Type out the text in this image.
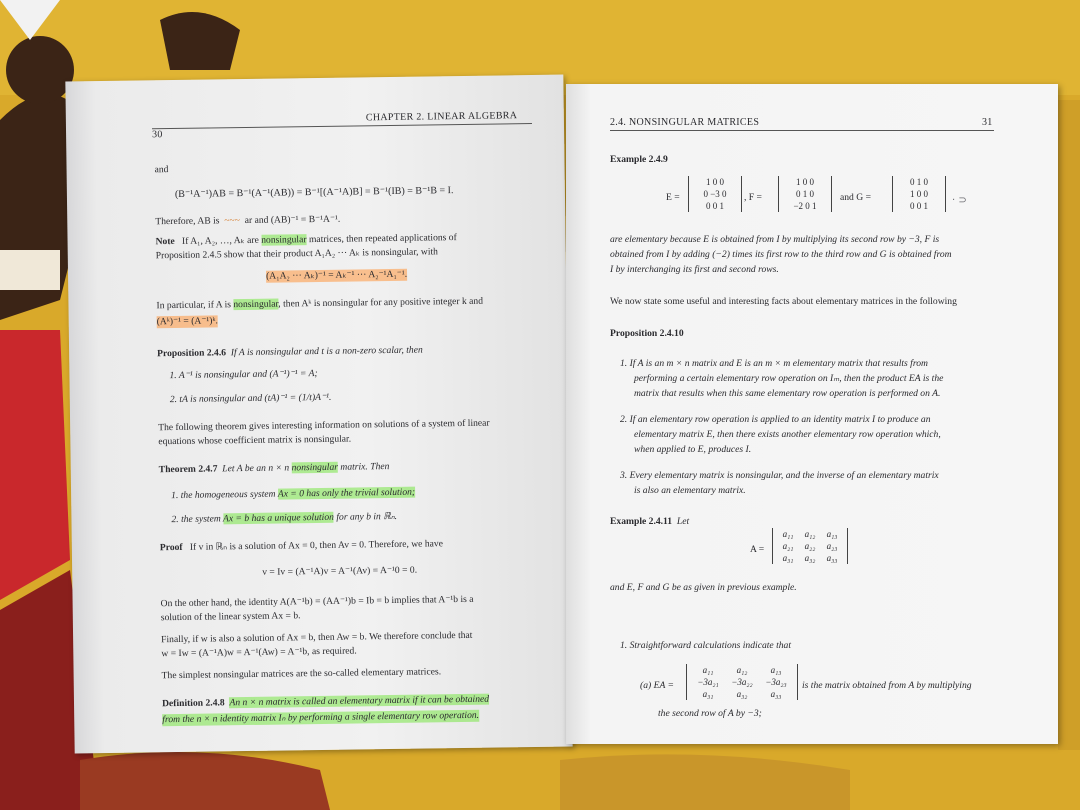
30
CHAPTER 2. LINEAR ALGEBRA
and
(B⁻¹A⁻¹)AB = B⁻¹(A⁻¹(AB)) = B⁻¹[(A⁻¹A)B] = B⁻¹(IB) = B⁻¹B = I.
Therefore, AB is  ~~~  ar and (AB)⁻¹ = B⁻¹A⁻¹.
Note If A₁, A₂, …, Aₖ are nonsingular matrices, then repeated applications of
Proposition 2.4.5 show that their product A₁A₂ ··· Aₖ is nonsingular, with
(A₁A₂ ··· Aₖ)⁻¹ = Aₖ⁻¹ ··· A₂⁻¹A₁⁻¹.
In particular, if A is nonsingular, then Aᵏ is nonsingular for any positive integer k and
(Aᵏ)⁻¹ = (A⁻¹)ᵏ.
Proposition 2.4.6 If A is nonsingular and t is a non-zero scalar, then
1. A⁻¹ is nonsingular and (A⁻¹)⁻¹ = A;
2. tA is nonsingular and (tA)⁻¹ = (1/t)A⁻¹.
The following theorem gives interesting information on solutions of a system of linear
equations whose coefficient matrix is nonsingular.
Theorem 2.4.7 Let A be an n × n nonsingular matrix. Then
1. the homogeneous system Ax = 0 has only the trivial solution;
2. the system Ax = b has a unique solution for any b in ℝₙ.
Proof If v in ℝₙ is a solution of Ax = 0, then Av = 0. Therefore, we have
v = Iv = (A⁻¹A)v = A⁻¹(Av) = A⁻¹0 = 0.
On the other hand, the identity A(A⁻¹b) = (AA⁻¹)b = Ib = b implies that A⁻¹b is a
solution of the linear system Ax = b.
Finally, if w is also a solution of Ax = b, then Aw = b. We therefore conclude that
w = Iw = (A⁻¹A)w = A⁻¹(Aw) = A⁻¹b, as required.
The simplest nonsingular matrices are the so-called elementary matrices.
Definition 2.4.8 An n × n matrix is called an elementary matrix if it can be obtained
from the n × n identity matrix Iₙ by performing a single elementary row operation.
2.4. NONSINGULAR MATRICES	31
Example 2.4.9
E =
1 0 0
0 −3 0
0 0 1
, F =
1 0 0
0 1 0
−2 0 1
and G =
0 1 0
1 0 0
0 0 1	· ⊃
are elementary because E is obtained from I by multiplying its second row by −3, F is
obtained from I by adding (−2) times its first row to the third row and G is obtained from
I by interchanging its first and second rows.
We now state some useful and interesting facts about elementary matrices in the following
Proposition 2.4.10
1. If A is an m × n matrix and E is an m × m elementary matrix that results from
performing a certain elementary row operation on Iₘ, then the product EA is the
matrix that results when this same elementary row operation is performed on A.
2. If an elementary row operation is applied to an identity matrix I to produce an
elementary matrix E, then there exists another elementary row operation which,
when applied to E, produces I.
3. Every elementary matrix is nonsingular, and the inverse of an elementary matrix
is also an elementary matrix.
Example 2.4.11 Let
A =
a₁₁ a₁₂ a₁₃
a₂₁ a₂₂ a₂₃
a₃₁ a₃₂ a₃₃
and E, F and G be as given in previous example.
1. Straightforward calculations indicate that
(a) EA =
a₁₁	a₁₂	a₁₃
−3a₂₁ −3a₂₂ −3a₂₃
a₃₁	a₃₂	a₃₃
is the matrix obtained from A by multiplying
the second row of A by −3;
